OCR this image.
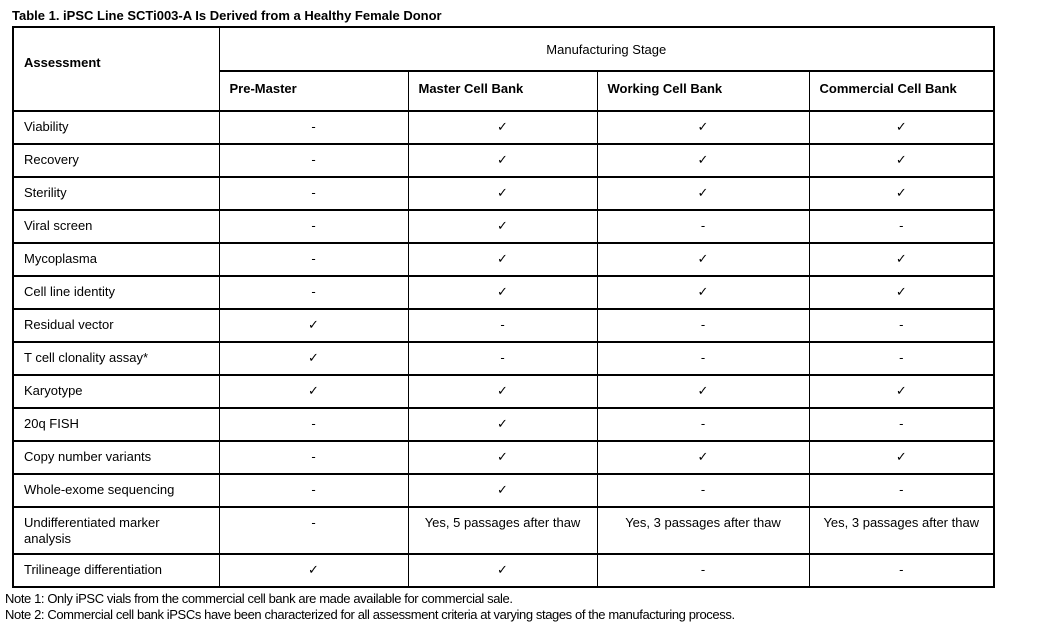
Table 1. iPSC Line SCTi003-A Is Derived from a Healthy Female Donor
Assessment	Manufacturing Stage			
	Pre-Master	Master Cell Bank	Working Cell Bank	Commercial Cell Bank
Viability	-	✓	✓	✓
Recovery	-	✓	✓	✓
Sterility	-	✓	✓	✓
Viral screen	-	✓	-	-
Mycoplasma	-	✓	✓	✓
Cell line identity	-	✓	✓	✓
Residual vector	✓	-	-	-
T cell clonality assay*	✓	-	-	-
Karyotype	✓	✓	✓	✓
20q FISH	-	✓	-	-
Copy number variants	-	✓	✓	✓
Whole-exome sequencing	-	✓	-	-
Undifferentiated marker analysis	-	Yes, 5 passages after thaw	Yes, 3 passages after thaw	Yes, 3 passages after thaw
Trilineage differentiation	✓	✓	-	-
Note 1: Only iPSC vials from the commercial cell bank are made available for commercial sale.
Note 2: Commercial cell bank iPSCs have been characterized for all assessment criteria at varying stages of the manufacturing process.
